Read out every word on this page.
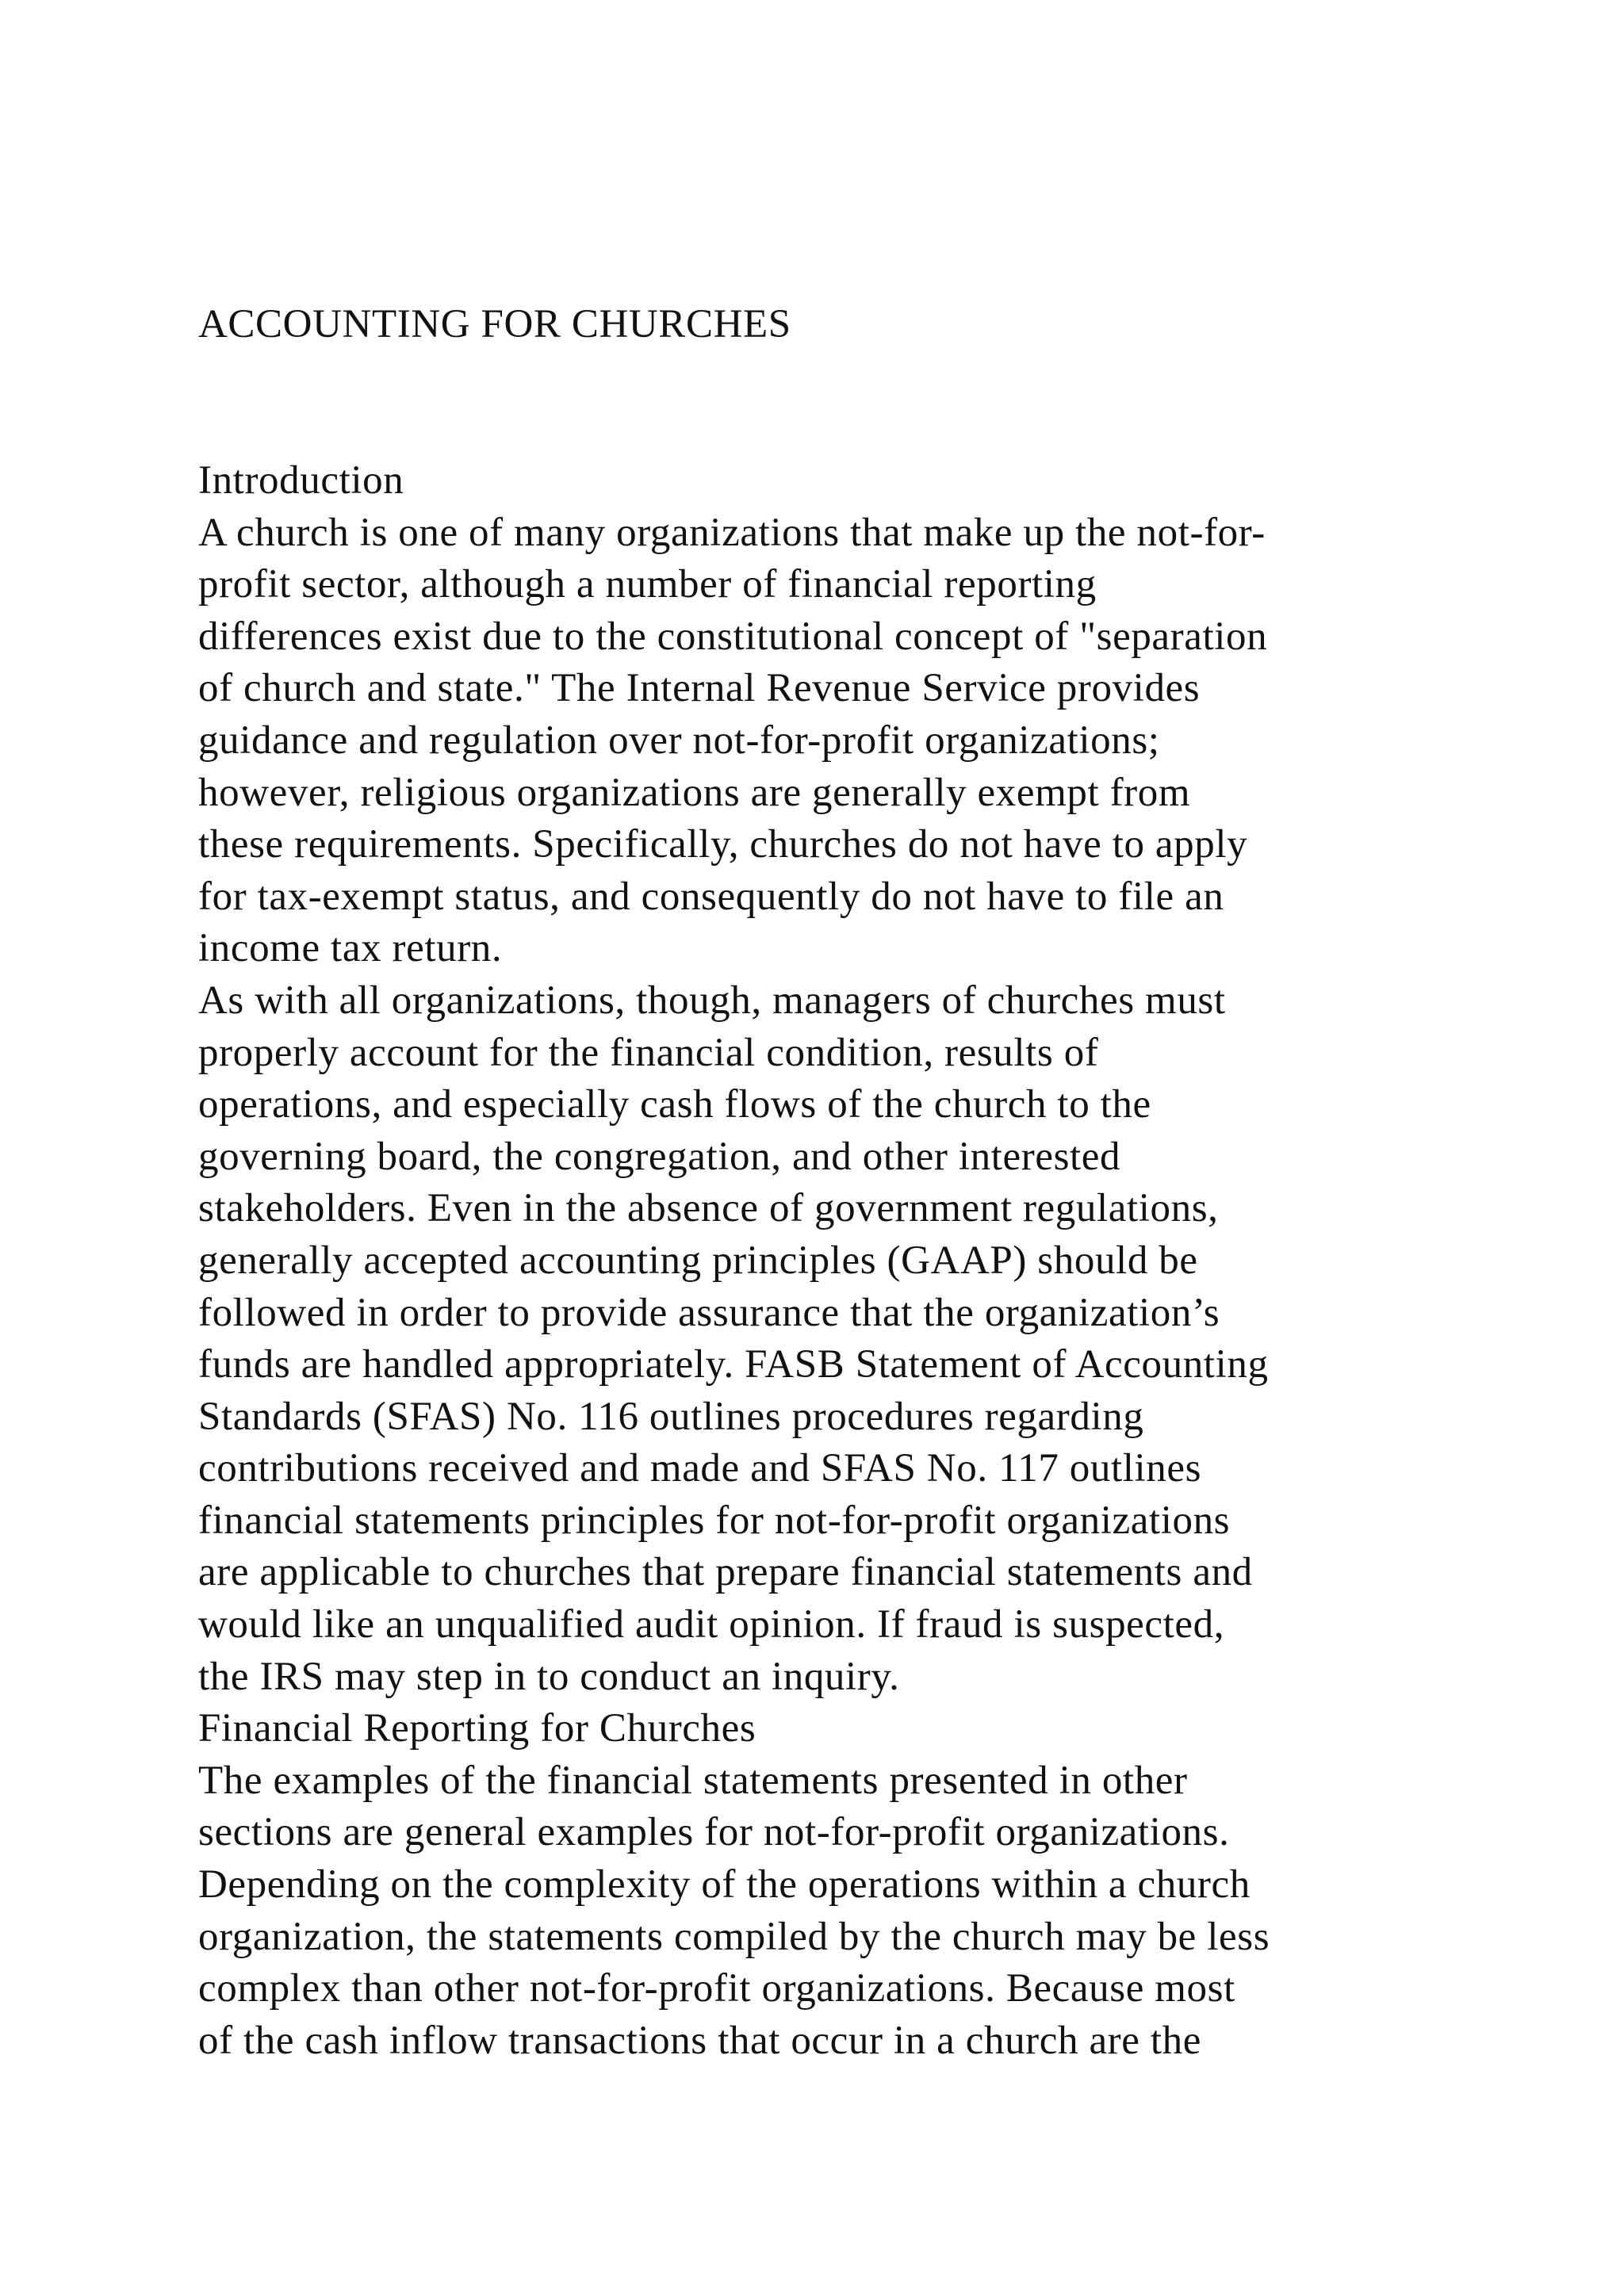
ACCOUNTING FOR CHURCHES
Introduction
A church is one of many organizations that make up the not-for-
profit sector, although a number of financial reporting
differences exist due to the constitutional concept of "separation
of church and state." The Internal Revenue Service provides
guidance and regulation over not-for-profit organizations;
however, religious organizations are generally exempt from
these requirements. Specifically, churches do not have to apply
for tax-exempt status, and consequently do not have to file an
income tax return.
As with all organizations, though, managers of churches must
properly account for the financial condition, results of
operations, and especially cash flows of the church to the
governing board, the congregation, and other interested
stakeholders. Even in the absence of government regulations,
generally accepted accounting principles (GAAP) should be
followed in order to provide assurance that the organization’s
funds are handled appropriately. FASB Statement of Accounting
Standards (SFAS) No. 116 outlines procedures regarding
contributions received and made and SFAS No. 117 outlines
financial statements principles for not-for-profit organizations
are applicable to churches that prepare financial statements and
would like an unqualified audit opinion. If fraud is suspected,
the IRS may step in to conduct an inquiry.
Financial Reporting for Churches
The examples of the financial statements presented in other
sections are general examples for not-for-profit organizations.
Depending on the complexity of the operations within a church
organization, the statements compiled by the church may be less
complex than other not-for-profit organizations. Because most
of the cash inflow transactions that occur in a church are the
